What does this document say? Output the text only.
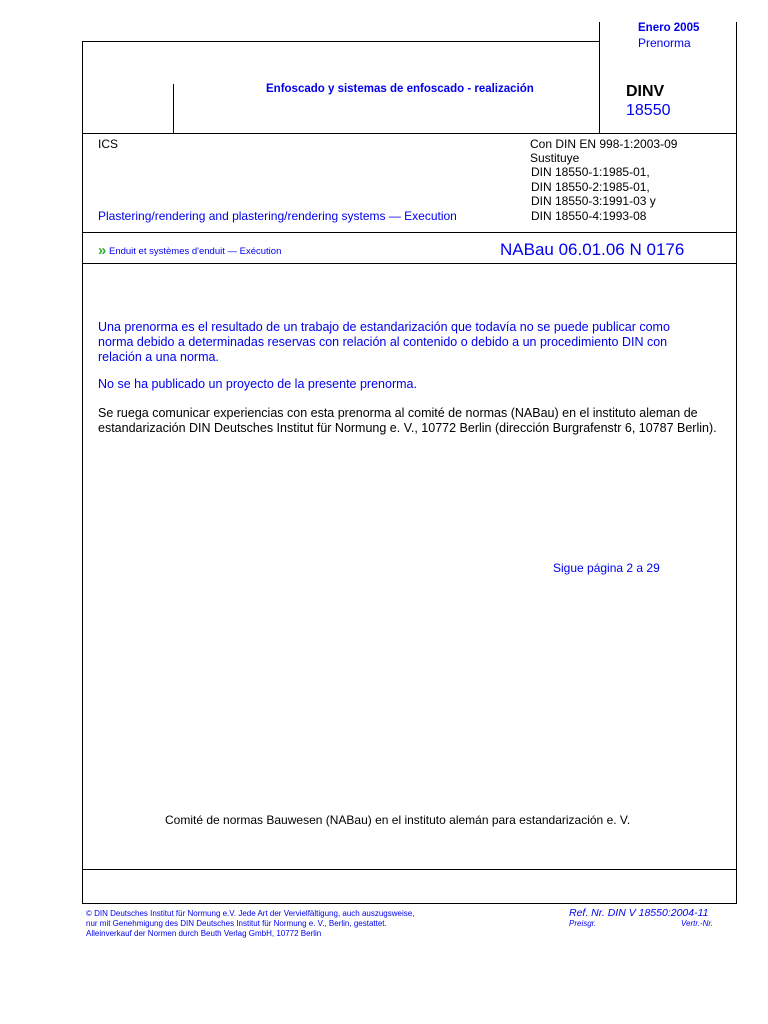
Enero 2005
Prenorma
Enfoscado y sistemas de enfoscado - realización	DINV
18550
ICS
Plastering/rendering and plastering/rendering systems — Execution
Con DIN EN 998-1:2003-09
Sustituye
DIN 18550-1:1985-01,
DIN 18550-2:1985-01,
DIN 18550-3:1991-03 y
DIN 18550-4:1993-08
» Enduit et systèmes d'enduit — Exécution	NABau 06.01.06 N 0176
Una prenorma es el resultado de un trabajo de estandarización que todavía no se puede publicar como norma debido a determinadas reservas con relación al contenido o debido a un procedimiento DIN con relación a una norma.
No se ha publicado un proyecto de la presente prenorma.
Se ruega comunicar experiencias con esta prenorma al comité de normas (NABau) en el instituto aleman de estandarización DIN Deutsches Institut für Normung e. V., 10772 Berlin (dirección Burgrafenstr 6, 10787 Berlin).
Sigue página 2 a 29
Comité de normas Bauwesen (NABau) en el instituto alemán para estandarización e. V.
© DIN Deutsches Institut für Normung e.V. Jede Art der Vervielfältigung, auch auszugsweise,
nur mit Genehmigung des DIN Deutsches Institut für Normung e. V., Berlin, gestattet.
Alleinverkauf der Normen durch Beuth Verlag GmbH, 10772 Berlin
Ref. Nr. DIN V 18550:2004-11
Preisgr.	Vertr.-Nr.
